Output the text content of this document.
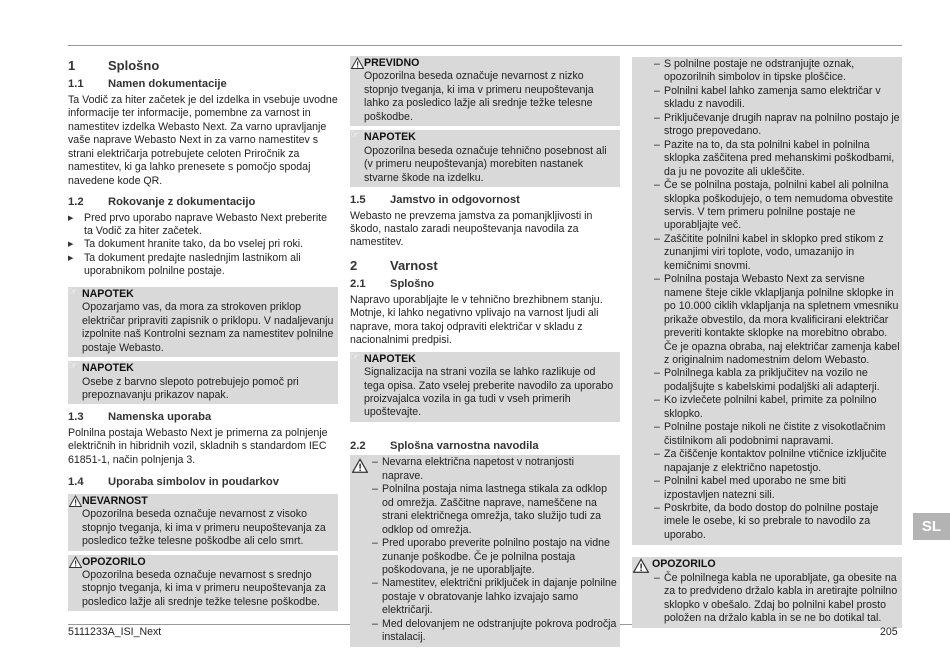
1	Splošno
1.1	Namen dokumentacije

Ta Vodič za hiter začetek je del izdelka in vsebuje uvodne informacije ter informacije, pomembne za varnost in namestitev izdelka Webasto Next. Za varno upravljanje vaše naprave Webasto Next in za varno namestitev s strani električarja potrebujete celoten Priročnik za namestitev, ki ga lahko prenesete s pomočjo spodaj navedene kode QR.

1.2	Rokovanje z dokumentacijo
▶	Pred prvo uporabo naprave Webasto Next preberite ta Vodič za hiter začetek.
▶	Ta dokument hranite tako, da bo vselej pri roki.
▶	Ta dokument predajte naslednjim lastnikom ali uporabnikom polnilne postaje.
☞ NAPOTEK
Opozarjamo vas, da mora za strokoven priklop električar pripraviti zapisnik o priklopu. V nadaljevanju izpolnite naš Kontrolni seznam za namestitev polnilne postaje Webasto.
☞ NAPOTEK
Osebe z barvno slepoto potrebujejo pomoč pri prepoznavanju prikazov napak.
1.3	Namenska uporaba

Polnilna postaja Webasto Next je primerna za polnjenje električnih in hibridnih vozil, skladnih s standardom IEC 61851-1, način polnjenja 3.

1.4	Uporaba simbolov in poudarkov
NEVARNOST
Opozorilna beseda označuje nevarnost z visoko stopnjo tveganja, ki ima v primeru neupoštevanja za posledico težke telesne poškodbe ali celo smrt.
OPOZORILO
Opozorilna beseda označuje nevarnost s srednjo stopnjo tveganja, ki ima v primeru neupoštevanja za posledico lažje ali srednje težke telesne poškodbe.
PREVIDNO
Opozorilna beseda označuje nevarnost z nizko stopnjo tveganja, ki ima v primeru neupoštevanja lahko za posledico lažje ali srednje težke telesne poškodbe.
☞ NAPOTEK
Opozorilna beseda označuje tehnično posebnost ali (v primeru neupoštevanja) morebiten nastanek stvarne škode na izdelku.
1.5	Jamstvo in odgovornost

Webasto ne prevzema jamstva za pomanjkljivosti in škodo, nastalo zaradi neupoštevanja navodila za namestitev.

2	Varnost
2.1	Splošno

Napravo uporabljajte le v tehnično brezhibnem stanju. Motnje, ki lahko negativno vplivajo na varnost ljudi ali naprave, mora takoj odpraviti električar v skladu z nacionalnimi predpisi.

☞ NAPOTEK
Signalizacija na strani vozila se lahko razlikuje od tega opisa. Zato vselej preberite navodilo za uporabo proizvajalca vozila in ga tudi v vseh primerih upoštevajte.
2.2	Splošna varnostna navodila
– Nevarna električna napetost v notranjosti naprave.
– Polnilna postaja nima lastnega stikala za odklop od omrežja. Zaščitne naprave, nameščene na strani električnega omrežja, tako služijo tudi za odklop od omrežja.
– Pred uporabo preverite polnilno postajo na vidne zunanje poškodbe. Če je polnilna postaja poškodovana, je ne uporabljajte.
– Namestitev, električni priključek in dajanje polnilne postaje v obratovanje lahko izvajajo samo električarji.
– Med delovanjem ne odstranjujte pokrova področja instalacij.
– S polnilne postaje ne odstranjujte oznak, opozorilnih simbolov in tipske ploščice.
– Polnilni kabel lahko zamenja samo električar v skladu z navodili.
– Priključevanje drugih naprav na polnilno postajo je strogo prepovedano.
– Pazite na to, da sta polnilni kabel in polnilna sklopka zaščitena pred mehanskimi poškodbami, da ju ne povozite ali ukleščite.
– Če se polnilna postaja, polnilni kabel ali polnilna sklopka poškodujejo, o tem nemudoma obvestite servis. V tem primeru polnilne postaje ne uporabljajte več.
– Zaščitite polnilni kabel in sklopko pred stikom z zunanjimi viri toplote, vodo, umazanijo in kemičnimi snovmi.
– Polnilna postaja Webasto Next za servisne namene šteje cikle vklapljanja polnilne sklopke in po 10.000 ciklih vklapljanja na spletnem vmesniku prikaže obvestilo, da mora kvalificirani električar preveriti kontakte sklopke na morebitno obrabo. Če je opazna obraba, naj električar zamenja kabel z originalnim nadomestnim delom Webasto.
– Polnilnega kabla za priključitev na vozilo ne podaljšujte s kabelskimi podaljški ali adapterji.
– Ko izvlečete polnilni kabel, primite za polnilno sklopko.
– Polnilne postaje nikoli ne čistite z visokotlačnim čistilnikom ali podobnimi napravami.
– Za čiščenje kontaktov polnilne vtičnice izključite napajanje z električno napetostjo.
– Polnilni kabel med uporabo ne sme biti izpostavljen natezni sili.
– Poskrbite, da bodo dostop do polnilne postaje imele le osebe, ki so prebrale to navodilo za uporabo.
OPOZORILO
– Če polnilnega kabla ne uporabljate, ga obesite na za to predvideno držalo kabla in aretirajte polnilno sklopko v obešalo. Zdaj bo polnilni kabel prosto položen na držalo kabla in se ne bo dotikal tal.
SL
5111233A_ISI_Next	205
